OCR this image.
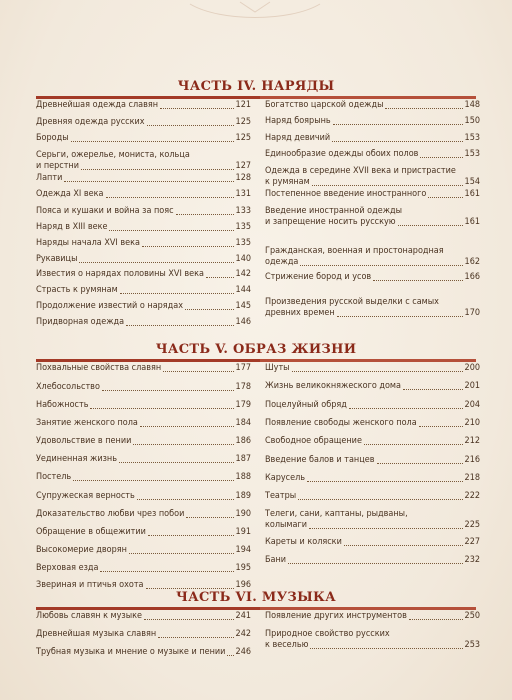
ЧАСТЬ IV. НАРЯДЫ
Древнейшая одежда славян	121
Древняя одежда русских	125
Бороды	125
Серьги, ожерелье, мониста, кольца
и перстни	127
Лапти	128
Одежда XI века	131
Пояса и кушаки и война за пояс	133
Наряд в XIII веке	135
Наряды начала XVI века	135
Рукавицы	140
Известия о нарядах половины XVI века	142
Страсть к румянам	144
Продолжение известий о нарядах	145
Придворная одежда	146
Богатство царской одежды	148
Наряд боярынь	150
Наряд девичий	153
Единообразие одежды обоих полов	153
Одежда в середине XVII века и пристрастие
к румянам	154
Постепенное введение иностранного	161
Введение иностранной одежды
и запрещение носить русскую	161
Гражданская, военная и простонародная
одежда	162
Стрижение бород и усов	166
Произведения русской выделки с самых
древних времен	170
ЧАСТЬ V. ОБРАЗ ЖИЗНИ
Похвальные свойства славян	177
Хлебосольство	178
Набожность	179
Занятие женского пола	184
Удовольствие в пении	186
Уединенная жизнь	187
Постель	188
Супружеская верность	189
Доказательство любви чрез побои	190
Обращение в общежитии	191
Высокомерие дворян	194
Верховая езда	195
Звериная и птичья охота	196
Шуты	200
Жизнь великокняжеского дома	201
Поцелуйный обряд	204
Появление свободы женского пола	210
Свободное обращение	212
Введение балов и танцев	216
Карусель	218
Театры	222
Телеги, сани, каптаны, рыдваны,
колымаги	225
Кареты и коляски	227
Бани	232
ЧАСТЬ VI. МУЗЫКА
Любовь славян к музыке	241
Древнейшая музыка славян	242
Трубная музыка и мнение о музыке и пении 246
Появление других инструментов	250
Природное свойство русских
к веселью	253
